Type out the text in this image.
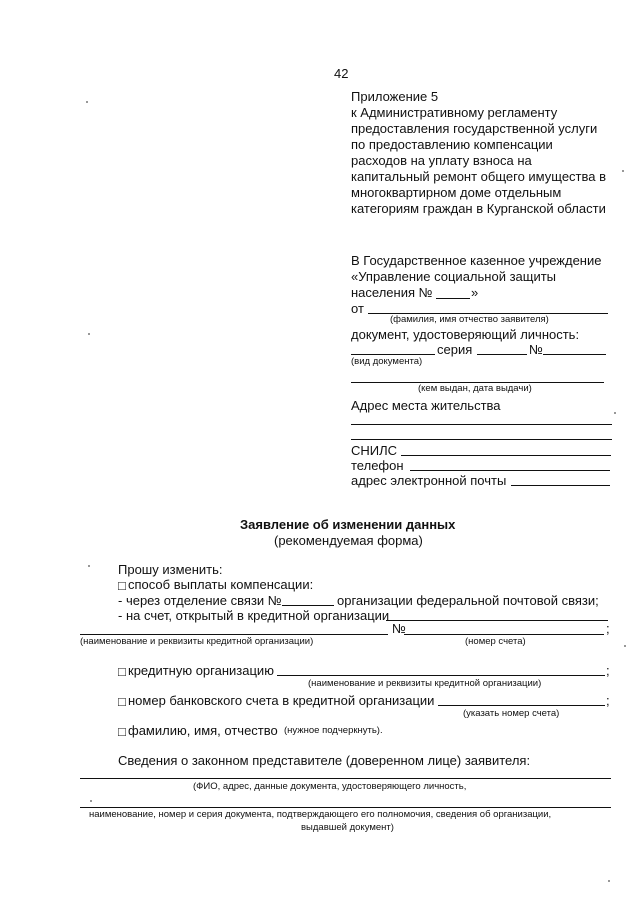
42
Приложение 5
к Административному регламенту
предоставления государственной услуги
по предоставлению компенсации
расходов на уплату взноса на
капитальный ремонт общего имущества в
многоквартирном доме отдельным
категориям граждан в Курганской области
В Государственное казенное учреждение
«Управление социальной защиты
населения №	»
от
(фамилия, имя отчество заявителя)
документ, удостоверяющий личность:
серия	№
(вид документа)
(кем выдан, дата выдачи)
Адрес места жительства
СНИЛС
телефон
адрес электронной почты
Заявление об изменении данных
(рекомендуемая форма)
Прошу изменить:
□ способ выплаты компенсации:
- через отделение связи №	организации федеральной почтовой связи;
- на счет, открытый в кредитной организации
№	;
(наименование и реквизиты кредитной организации)	(номер счета)
□ кредитную организацию	;
(наименование и реквизиты кредитной организации)
□ номер банковского счета в кредитной организации	;
(указать номер счета)
□ фамилию, имя, отчество (нужное подчеркнуть).
Сведения о законном представителе (доверенном лице) заявителя:
(ФИО, адрес, данные документа, удостоверяющего личность,
наименование, номер и серия документа, подтверждающего его полномочия, сведения об организации,
выдавшей документ)
